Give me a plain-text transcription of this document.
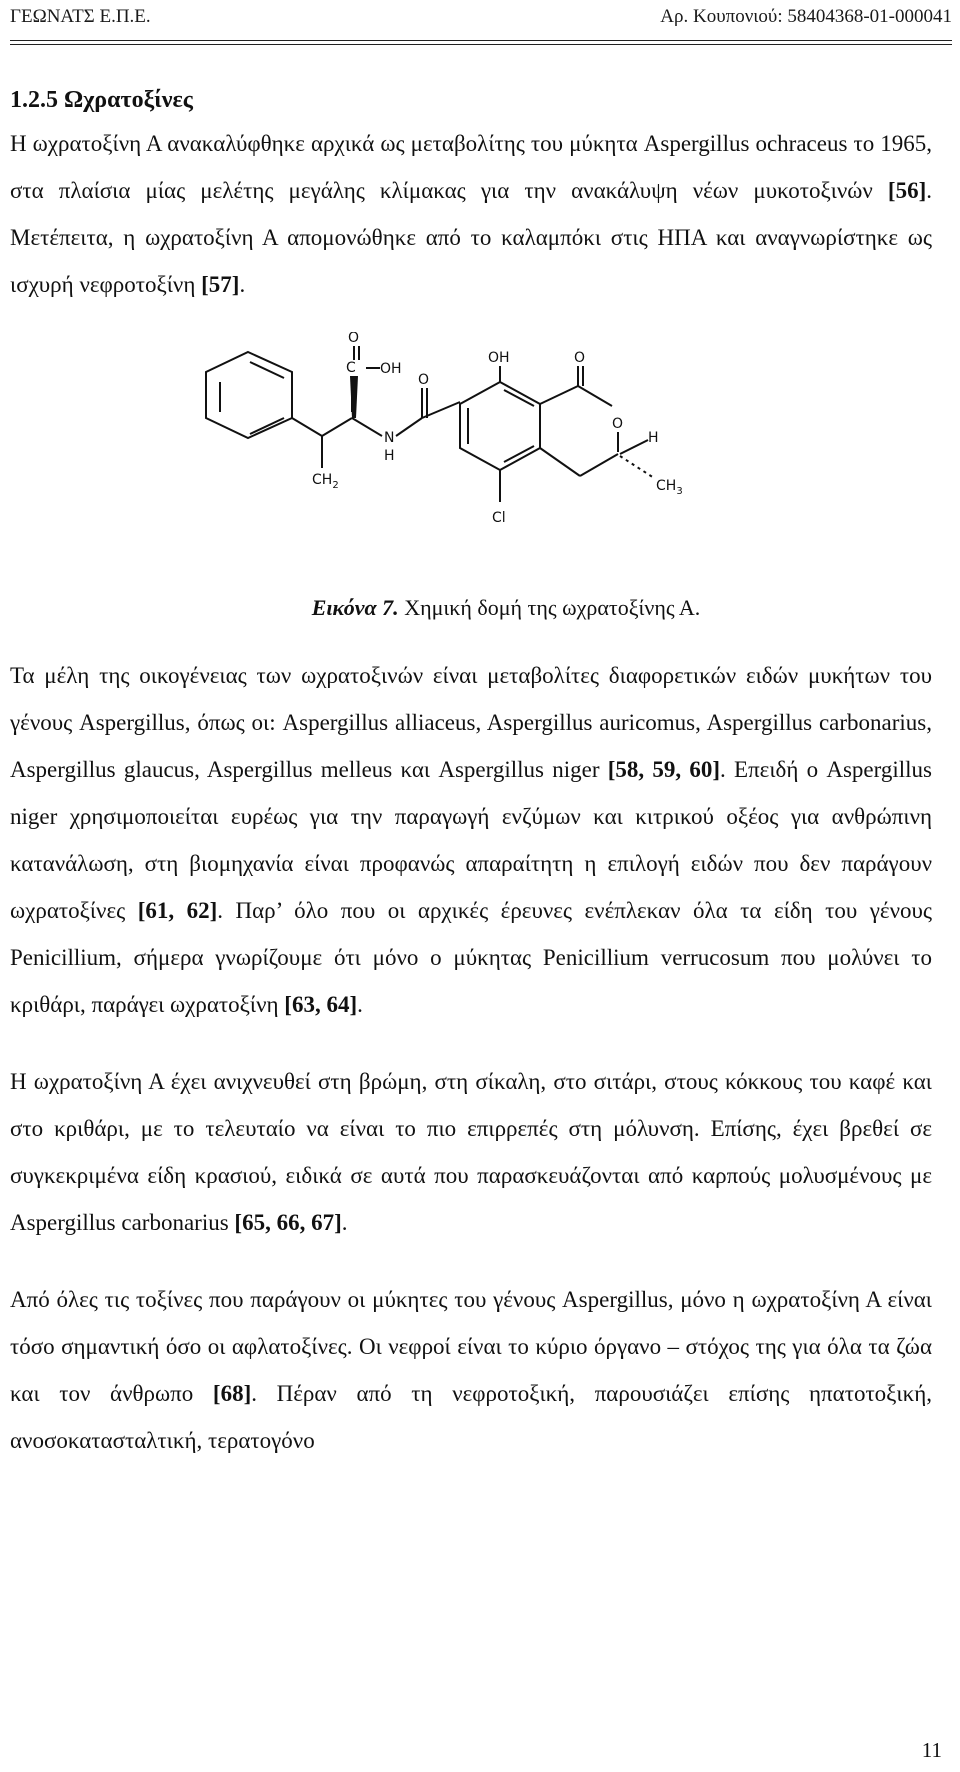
ΓΕΩΝΑΤΣ Ε.Π.Ε.	Αρ. Κουπονιού: 58404368-01-000041
1.2.5 Ωχρατοξίνες

Η ωχρατοξίνη Α ανακαλύφθηκε αρχικά ως μεταβολίτης του μύκητα Aspergillus ochraceus το 1965, στα πλαίσια μίας μελέτης μεγάλης κλίμακας για την ανακάλυψη νέων μυκοτοξινών [56]. Μετέπειτα, η ωχρατοξίνη Α απομονώθηκε από το καλαμπόκι στις ΗΠΑ και αναγνωρίστηκε ως ισχυρή νεφροτοξίνη [57].

O
C OH
O
N
H
$CH_2$
OH	O
O
H
$CH_3$
Cl
Εικόνα 7. Χημική δομή της ωχρατοξίνης Α.

Τα μέλη της οικογένειας των ωχρατοξινών είναι μεταβολίτες διαφορετικών ειδών μυκήτων του γένους Aspergillus, όπως οι: Aspergillus alliaceus, Aspergillus auricomus, Aspergillus carbonarius, Aspergillus glaucus, Aspergillus melleus και Aspergillus niger [58, 59, 60]. Επειδή ο Aspergillus niger χρησιμοποιείται ευρέως για την παραγωγή ενζύμων και κιτρικού οξέος για ανθρώπινη κατανάλωση, στη βιομηχανία είναι προφανώς απαραίτητη η επιλογή ειδών που δεν παράγουν ωχρατοξίνες [61, 62]. Παρ’ όλο που οι αρχικές έρευνες ενέπλεκαν όλα τα είδη του γένους Penicillium, σήμερα γνωρίζουμε ότι μόνο ο μύκητας Penicillium verrucosum που μολύνει το κριθάρι, παράγει ωχρατοξίνη [63, 64].

Η ωχρατοξίνη Α έχει ανιχνευθεί στη βρώμη, στη σίκαλη, στο σιτάρι, στους κόκκους του καφέ και στο κριθάρι, με το τελευταίο να είναι το πιο επιρρεπές στη μόλυνση. Επίσης, έχει βρεθεί σε συγκεκριμένα είδη κρασιού, ειδικά σε αυτά που παρασκευάζονται από καρπούς μολυσμένους με Aspergillus carbonarius [65, 66, 67].

Από όλες τις τοξίνες που παράγουν οι μύκητες του γένους Aspergillus, μόνο η ωχρατοξίνη Α είναι τόσο σημαντική όσο οι αφλατοξίνες. Οι νεφροί είναι το κύριο όργανο – στόχος της για όλα τα ζώα και τον άνθρωπο [68]. Πέραν από τη νεφροτοξική, παρουσιάζει επίσης ηπατοτοξική, ανοσοκατασταλτική, τερατογόνο

11
